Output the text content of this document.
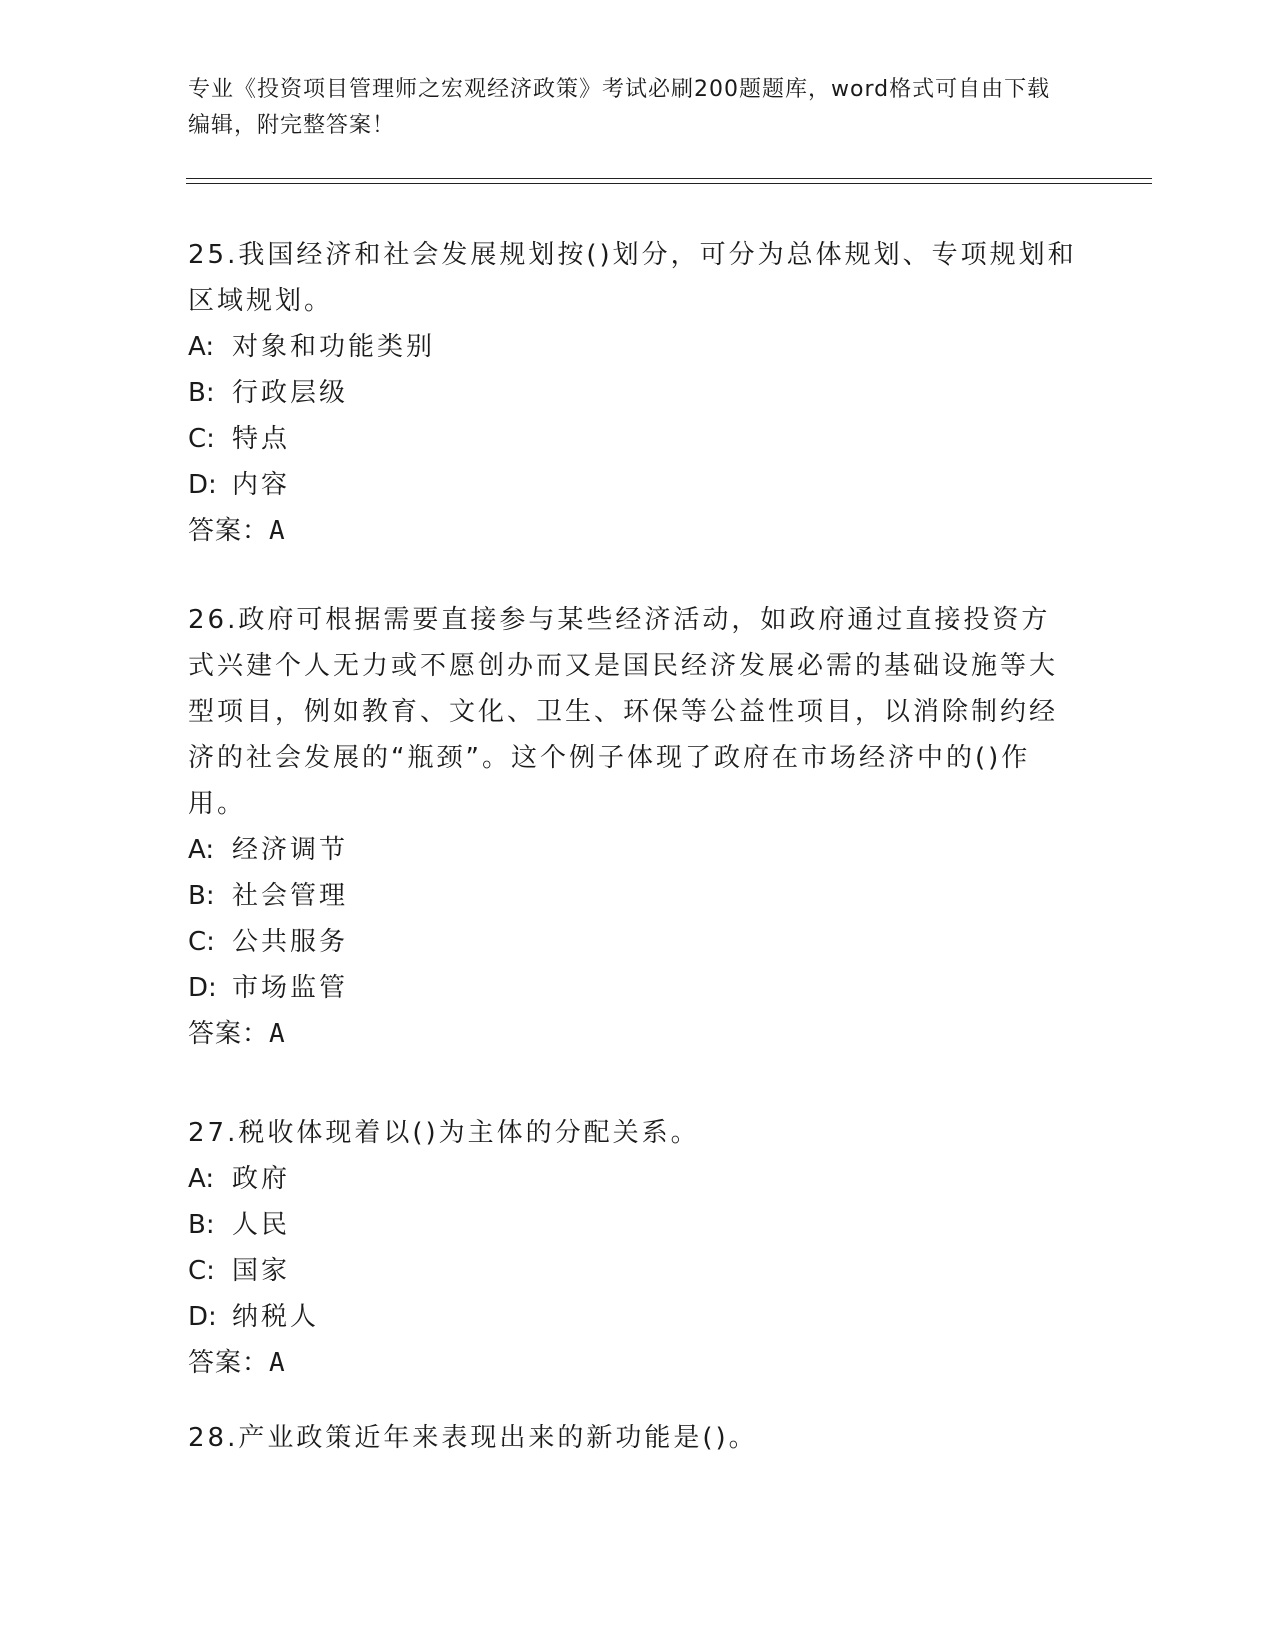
专业《投资项目管理师之宏观经济政策》考试必刷200题题库，word格式可自由下载编辑，附完整答案！
25.我国经济和社会发展规划按()划分，可分为总体规划、专项规划和区域规划。
A: 对象和功能类别
B: 行政层级
C: 特点
D: 内容
答案：A
26.政府可根据需要直接参与某些经济活动，如政府通过直接投资方式兴建个人无力或不愿创办而又是国民经济发展必需的基础设施等大型项目，例如教育、文化、卫生、环保等公益性项目，以消除制约经济的社会发展的“瓶颈”。这个例子体现了政府在市场经济中的()作用。
A: 经济调节
B: 社会管理
C: 公共服务
D: 市场监管
答案：A
27.税收体现着以()为主体的分配关系。
A: 政府
B: 人民
C: 国家
D: 纳税人
答案：A
28.产业政策近年来表现出来的新功能是()。
